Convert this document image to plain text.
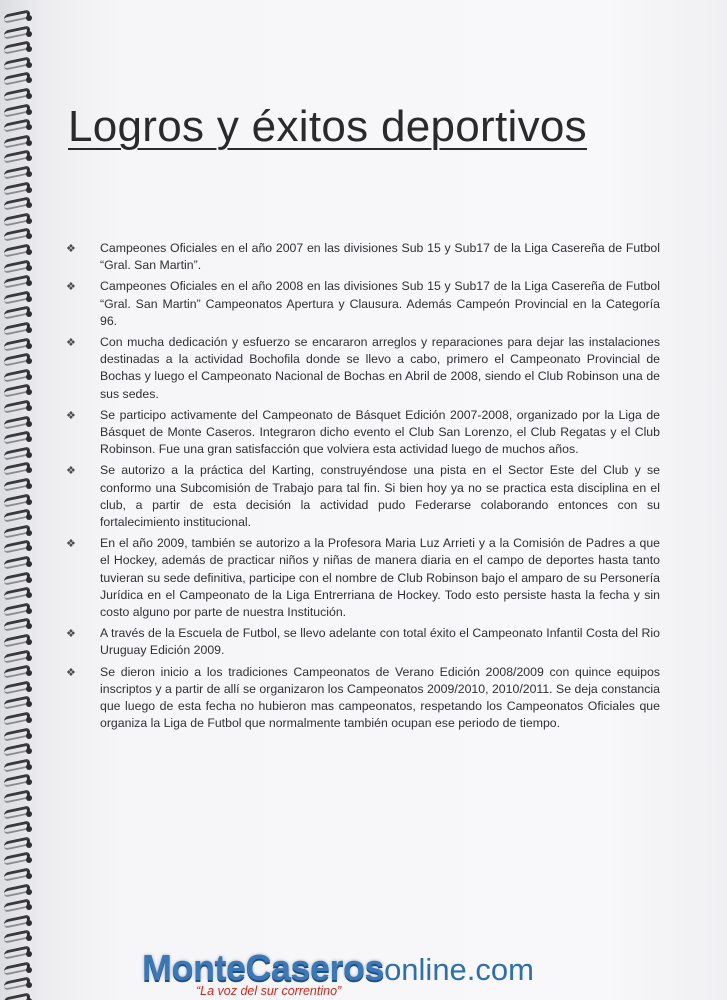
Logros y éxitos deportivos
❖ Campeones Oficiales en el año 2007 en las divisiones Sub 15 y Sub17 de la Liga Casereña de Futbol “Gral. San Martin”.
❖ Campeones Oficiales en el año 2008 en las divisiones Sub 15 y Sub17 de la Liga Casereña de Futbol “Gral. San Martin” Campeonatos Apertura y Clausura. Además Campeón Provincial en la Categoría 96.
❖ Con mucha dedicación y esfuerzo se encararon arreglos y reparaciones para dejar las instalaciones destinadas a la actividad Bochofila donde se llevo a cabo, primero el Campeonato Provincial de Bochas y luego el Campeonato Nacional de Bochas en Abril de 2008, siendo el Club Robinson una de sus sedes.
❖ Se participo activamente del Campeonato de Básquet Edición 2007-2008, organizado por la Liga de Básquet de Monte Caseros. Integraron dicho evento el Club San Lorenzo, el Club Regatas y el Club Robinson. Fue una gran satisfacción que volviera esta actividad luego de muchos años.
❖ Se autorizo a la práctica del Karting, construyéndose una pista en el Sector Este del Club y se conformo una Subcomisión de Trabajo para tal fin. Si bien hoy ya no se practica esta disciplina en el club, a partir de esta decisión la actividad pudo Federarse colaborando entonces con su fortalecimiento institucional.
❖ En el año 2009, también se autorizo a la Profesora Maria Luz Arrieti y a la Comisión de Padres a que el Hockey, además de practicar niños y niñas de manera diaria en el campo de deportes hasta tanto tuvieran su sede definitiva, participe con el nombre de Club Robinson bajo el amparo de su Personería Jurídica en el Campeonato de la Liga Entrerriana de Hockey. Todo esto persiste hasta la fecha y sin costo alguno por parte de nuestra Institución.
❖ A través de la Escuela de Futbol, se llevo adelante con total éxito el Campeonato Infantil Costa del Rio Uruguay Edición 2009.
❖ Se dieron inicio a los tradiciones Campeonatos de Verano Edición 2008/2009 con quince equipos inscriptos y a partir de allí se organizaron los Campeonatos 2009/2010, 2010/2011. Se deja constancia que luego de esta fecha no hubieron mas campeonatos, respetando los Campeonatos Oficiales que organiza la Liga de Futbol que normalmente también ocupan ese periodo de tiempo.
MonteCaserosonline.com
“La voz del sur correntino”
